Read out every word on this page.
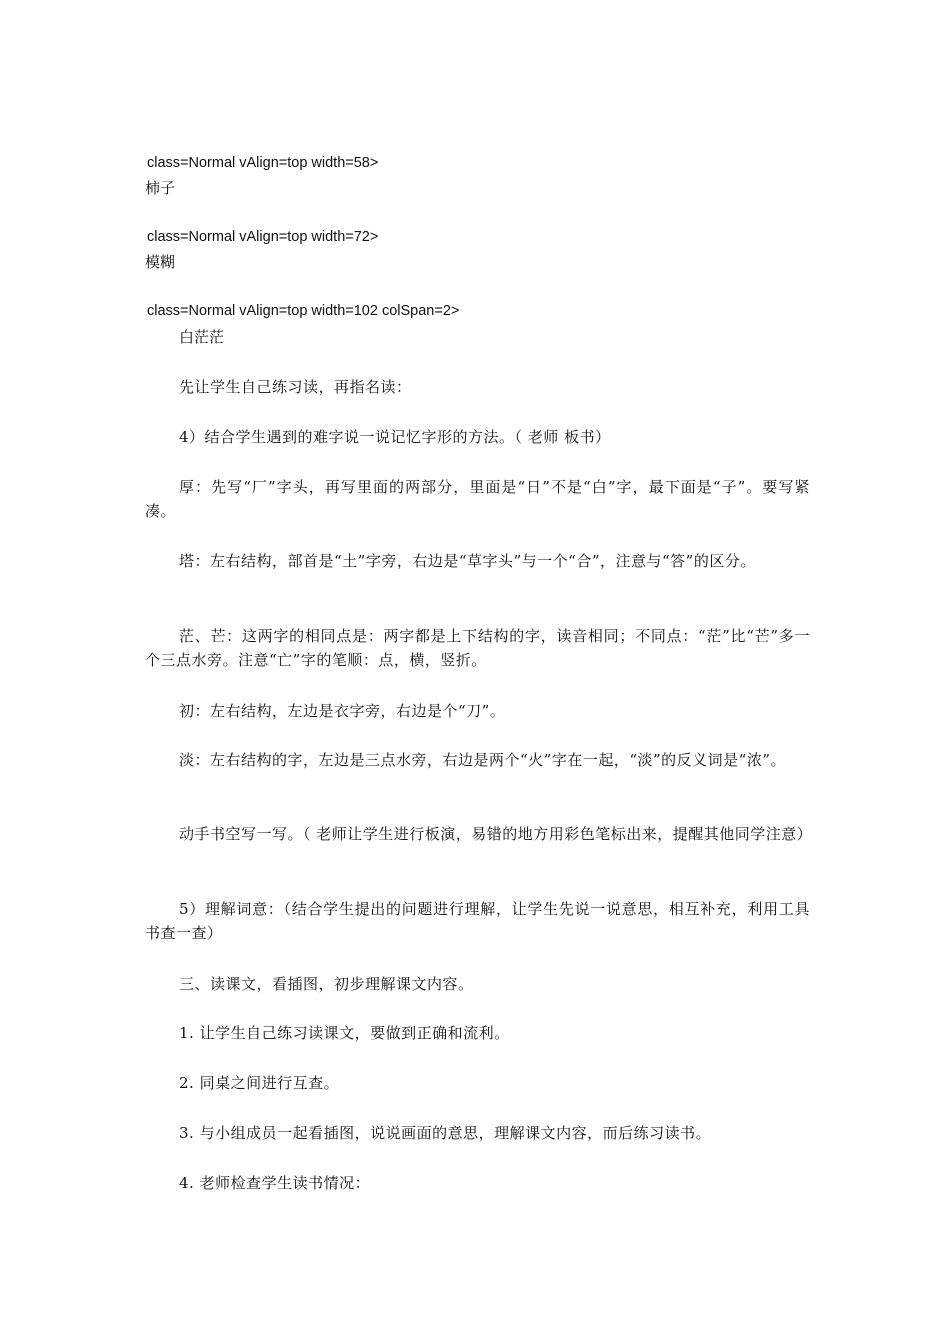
class=Normal vAlign=top width=58>
柿子
class=Normal vAlign=top width=72>
模糊
class=Normal vAlign=top width=102 colSpan=2>
白茫茫
先让学生自己练习读，再指名读：
4）结合学生遇到的难字说一说记忆字形的方法。（ 老师 板书）
厚：先写“厂”字头，再写里面的两部分，里面是“日”不是“白”字，最下面是“子”。要写紧凑。
塔：左右结构，部首是“土”字旁，右边是“草字头”与一个“合”，注意与“答”的区分。
茫、芒：这两字的相同点是：两字都是上下结构的字，读音相同；不同点：“茫”比“芒”多一个三点水旁。注意“亡”字的笔顺：点，横，竖折。
初：左右结构，左边是衣字旁，右边是个“刀”。
淡：左右结构的字，左边是三点水旁，右边是两个“火”字在一起，“淡”的反义词是“浓”。
动手书空写一写。（ 老师让学生进行板演，易错的地方用彩色笔标出来，提醒其他同学注意）
5）理解词意：（结合学生提出的问题进行理解，让学生先说一说意思，相互补充，利用工具书查一查）
三、读课文，看插图，初步理解课文内容。
1. 让学生自己练习读课文，要做到正确和流利。
2. 同桌之间进行互查。
3. 与小组成员一起看插图，说说画面的意思，理解课文内容，而后练习读书。
4. 老师检查学生读书情况：
